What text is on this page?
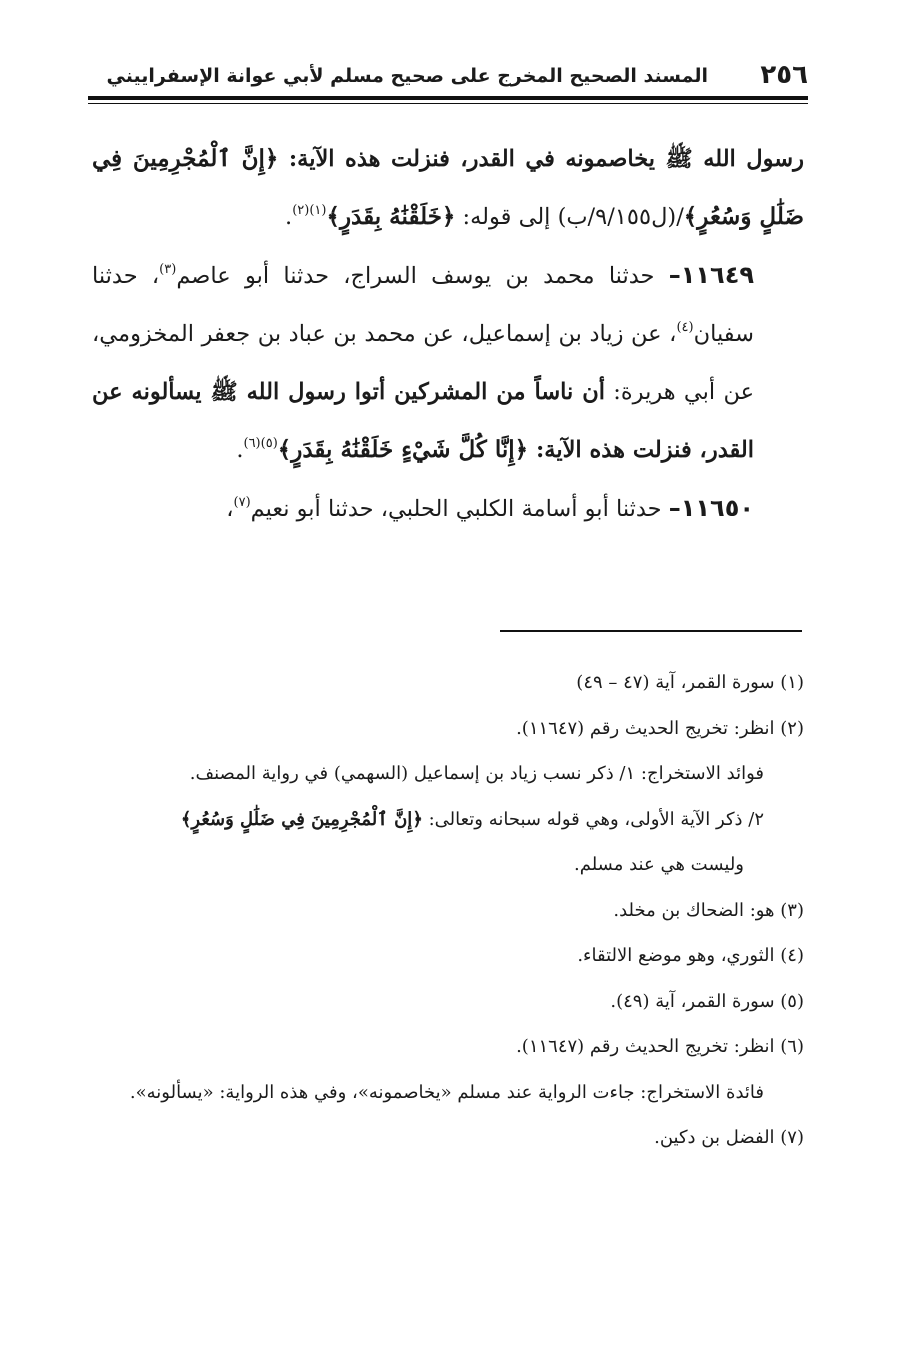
٢٥٦
المسند الصحيح المخرج على صحيح مسلم لأبي عوانة الإسفراييني

رسول الله ﷺ يخاصمونه في القدر، فنزلت هذه الآية: ﴿إِنَّ ٱلْمُجْرِمِينَ فِي ضَلَٰلٍ وَسُعُرٍ﴾/(ل٩/١٥٥/ب) إلى قوله: ﴿خَلَقْنَٰهُ بِقَدَرٍ﴾$^{(١)(٢)}$.

١١٦٤٩– حدثنا محمد بن يوسف السراج، حدثنا أبو عاصم$^{(٣)}$، حدثنا سفيان$^{(٤)}$، عن زياد بن إسماعيل، عن محمد بن عباد بن جعفر المخزومي، عن أبي هريرة: أن ناساً من المشركين أتوا رسول الله ﷺ يسألونه عن القدر، فنزلت هذه الآية: ﴿إِنَّا كُلَّ شَيْءٍ خَلَقْنَٰهُ بِقَدَرٍ﴾$^{(٥)(٦)}$.

١١٦٥٠– حدثنا أبو أسامة الكلبي الحلبي، حدثنا أبو نعيم$^{(٧)}$،

(١) سورة القمر، آية (٤٧ – ٤٩)

(٢) انظر: تخريج الحديث رقم (١١٦٤٧).

فوائد الاستخراج: ١/ ذكر نسب زياد بن إسماعيل (السهمي) في رواية المصنف.

٢/ ذكر الآية الأولى، وهي قوله سبحانه وتعالى: ﴿إِنَّ ٱلْمُجْرِمِينَ فِي ضَلَٰلٍ وَسُعُرٍ﴾

وليست هي عند مسلم.

(٣) هو: الضحاك بن مخلد.

(٤) الثوري، وهو موضع الالتقاء.

(٥) سورة القمر، آية (٤٩).

(٦) انظر: تخريج الحديث رقم (١١٦٤٧).

فائدة الاستخراج: جاءت الرواية عند مسلم «يخاصمونه»، وفي هذه الرواية: «يسألونه».

(٧) الفضل بن دكين.
